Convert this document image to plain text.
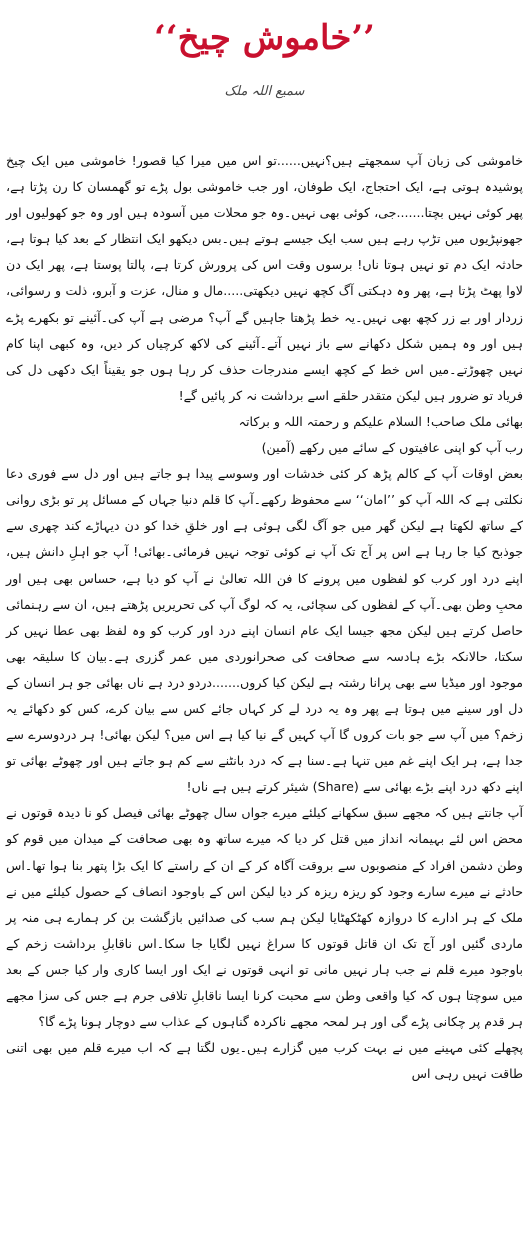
’’خاموش چیخ‘‘
سمیع اللہ ملک

خاموشی کی زبان آپ سمجھتے ہیں؟نہیں......تو اس میں میرا کیا قصور! خاموشی میں ایک چیخ پوشیدہ ہوتی ہے، ایک احتجاج، ایک طوفان، اور جب خاموشی بول پڑے تو گھمسان کا رن پڑتا ہے، پھر کوئی نہیں بچتا.......جی، کوئی بھی نہیں۔وہ جو محلات میں آسودہ ہیں اور وہ جو کھولیوں اور جھونپڑیوں میں تڑپ رہے ہیں سب ایک جیسے ہوتے ہیں۔بس دیکھو ایک انتظار کے بعد کیا ہوتا ہے، حادثہ ایک دم تو نہیں ہوتا ناں! برسوں وقت اس کی پرورش کرتا ہے، پالتا پوستا ہے، پھر ایک دن لاوا پھٹ پڑتا ہے، پھر وہ دہکتی آگ کچھ نہیں دیکھتی.....مال و منال، عزت و آبرو، ذلت و رسوائی، زردار اور بے زر کچھ بھی نہیں۔یہ خط پڑھتا جاہیں گے آپ؟ مرضی ہے آپ کی۔آئینے تو بکھرے پڑے ہیں اور وہ ہمیں شکل دکھانے سے باز نہیں آتے۔آئینے کی لاکھ کرچیاں کر دیں، وہ کبھی اپنا کام نہیں چھوڑتے۔میں اس خط کے کچھ ایسے مندرجات حذف کر رہا ہوں جو یقیناً ایک دکھی دل کی فریاد تو ضرور ہیں لیکن متقدر حلقے اسے برداشت نہ کر پائیں گے!

بھائی ملک صاحب! السلام علیکم و رحمتہ اللہ و برکاتہ

رب آپ کو اپنی عافیتوں کے سائے میں رکھے (آمین)

بعض اوقات آپ کے کالم پڑھ کر کئی خدشات اور وسوسے پیدا ہو جاتے ہیں اور دل سے فوری دعا نکلتی ہے کہ اللہ آپ کو ’’امان‘‘ سے محفوظ رکھے۔آپ کا قلم دنیا جہاں کے مسائل پر تو بڑی روانی کے ساتھ لکھتا ہے لیکن گھر میں جو آگ لگی ہوئی ہے اور خلقِ خدا کو دن دیہاڑے کند چھری سے جوذبح کیا جا رہا ہے اس پر آج تک آپ نے کوئی توجہ نہیں فرمائی۔بھائی! آپ جو اہلِ دانش ہیں، اپنے درد اور کرب کو لفظوں میں پرونے کا فن اللہ تعالیٰ نے آپ کو دیا ہے، حساس بھی ہیں اور محبِ وطن بھی۔آپ کے لفظوں کی سچائی، یہ کہ لوگ آپ کی تحریریں پڑھتے ہیں، ان سے رہنمائی حاصل کرتے ہیں لیکن مجھ جیسا ایک عام انسان اپنے درد اور کرب کو وہ لفظ بھی عطا نہیں کر سکتا، حالانکہ بڑے ہادسہ سے صحافت کی صحرانوردی میں عمر گزری ہے۔بیان کا سلیقہ بھی موجود اور میڈیا سے بھی پرانا رشتہ ہے لیکن کیا کروں.......دردو درد ہے ناں بھائی جو ہر انسان کے دل اور سینے میں ہوتا ہے پھر وہ یہ درد لے کر کہاں جائے کس سے بیان کرے، کس کو دکھائے یہ زخم؟ میں آپ سے جو بات کروں گا آپ کہیں گے نیا کیا ہے اس میں؟ لیکن بھائی! ہر دردوسرے سے جدا ہے، ہر ایک اپنے غم میں تنہا ہے۔سنا ہے کہ درد بانٹنے سے کم ہو جاتے ہیں اور چھوٹے بھائی تو اپنے دکھ درد اپنے بڑے بھائی سے (Share) شیئر کرتے ہیں ہے ناں!

آپ جانتے ہیں کہ مجھے سبق سکھانے کیلئے میرے جواں سال چھوٹے بھائی فیصل کو نا دیدہ قوتوں نے محض اس لئے بہیمانہ انداز میں قتل کر دیا کہ میرے ساتھ وہ بھی صحافت کے میدان میں قوم کو وطن دشمن افراد کے منصوبوں سے بروقت آگاہ کر کے ان کے راستے کا ایک بڑا پتھر بنا ہوا تھا۔اس حادثے نے میرے سارے وجود کو ریزہ ریزہ کر دیا لیکن اس کے باوجود انصاف کے حصول کیلئے میں نے ملک کے ہر ادارے کا دروازہ کھٹکھٹایا لیکن ہم سب کی صدائیں بازگشت بن کر ہمارے ہی منہ پر ماردی گئیں اور آج تک ان قاتل قوتوں کا سراغ نہیں لگایا جا سکا۔اس ناقابلِ برداشت زخم کے باوجود میرے قلم نے جب ہار نہیں مانی تو انہی قوتوں نے ایک اور ایسا کاری وار کیا جس کے بعد میں سوچتا ہوں کہ کیا واقعی وطن سے محبت کرنا ایسا ناقابلِ تلافی جرم ہے جس کی سزا مجھے ہر قدم پر چکانی پڑے گی اور ہر لمحہ مجھے ناکردہ گناہوں کے عذاب سے دوچار ہونا پڑے گا؟

پچھلے کئی مہینے میں نے بہت کرب میں گزارے ہیں۔یوں لگتا ہے کہ اب میرے قلم میں بھی اتنی طاقت نہیں رہی اس
